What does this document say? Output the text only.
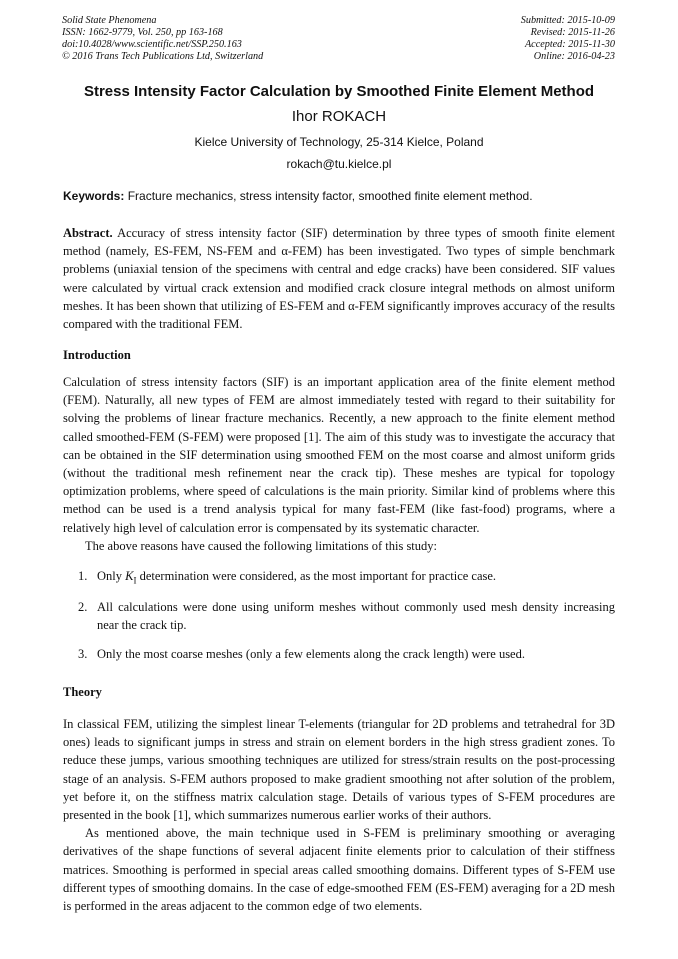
Solid State Phenomena
ISSN: 1662-9779, Vol. 250, pp 163-168
doi:10.4028/www.scientific.net/SSP.250.163
© 2016 Trans Tech Publications Ltd, Switzerland
Submitted: 2015-10-09
Revised: 2015-11-26
Accepted: 2015-11-30
Online: 2016-04-23
Stress Intensity Factor Calculation by Smoothed Finite Element Method
Ihor ROKACH
Kielce University of Technology, 25-314 Kielce, Poland
rokach@tu.kielce.pl
Keywords: Fracture mechanics, stress intensity factor, smoothed finite element method.

Abstract. Accuracy of stress intensity factor (SIF) determination by three types of smooth finite element method (namely, ES-FEM, NS-FEM and α-FEM) has been investigated. Two types of simple benchmark problems (uniaxial tension of the specimens with central and edge cracks) have been considered. SIF values were calculated by virtual crack extension and modified crack closure integral methods on almost uniform meshes. It has been shown that utilizing of ES-FEM and α-FEM significantly improves accuracy of the results compared with the traditional FEM.

Introduction

Calculation of stress intensity factors (SIF) is an important application area of the finite element method (FEM). Naturally, all new types of FEM are almost immediately tested with regard to their suitability for solving the problems of linear fracture mechanics. Recently, a new approach to the finite element method called smoothed-FEM (S-FEM) were proposed [1]. The aim of this study was to investigate the accuracy that can be obtained in the SIF determination using smoothed FEM on the most coarse and almost uniform grids (without the traditional mesh refinement near the crack tip). These meshes are typical for topology optimization problems, where speed of calculations is the main priority. Similar kind of problems where this method can be used is a trend analysis typical for many fast-FEM (like fast-food) programs, where a relatively high level of calculation error is compensated by its systematic character.

The above reasons have caused the following limitations of this study:

1. Only $K_I$ determination were considered, as the most important for practice case.
2. All calculations were done using uniform meshes without commonly used mesh density increasing near the crack tip.
3. Only the most coarse meshes (only a few elements along the crack length) were used.
Theory

In classical FEM, utilizing the simplest linear T-elements (triangular for 2D problems and tetrahedral for 3D ones) leads to significant jumps in stress and strain on element borders in the high stress gradient zones. To reduce these jumps, various smoothing techniques are utilized for stress/strain results on the post-processing stage of an analysis. S-FEM authors proposed to make gradient smoothing not after solution of the problem, yet before it, on the stiffness matrix calculation stage. Details of various types of S-FEM procedures are presented in the book [1], which summarizes numerous earlier works of their authors.

As mentioned above, the main technique used in S-FEM is preliminary smoothing or averaging derivatives of the shape functions of several adjacent finite elements prior to calculation of their stiffness matrices. Smoothing is performed in special areas called smoothing domains. Different types of S-FEM use different types of smoothing domains. In the case of edge-smoothed FEM (ES-FEM) averaging for a 2D mesh is performed in the areas adjacent to the common edge of two elements.
